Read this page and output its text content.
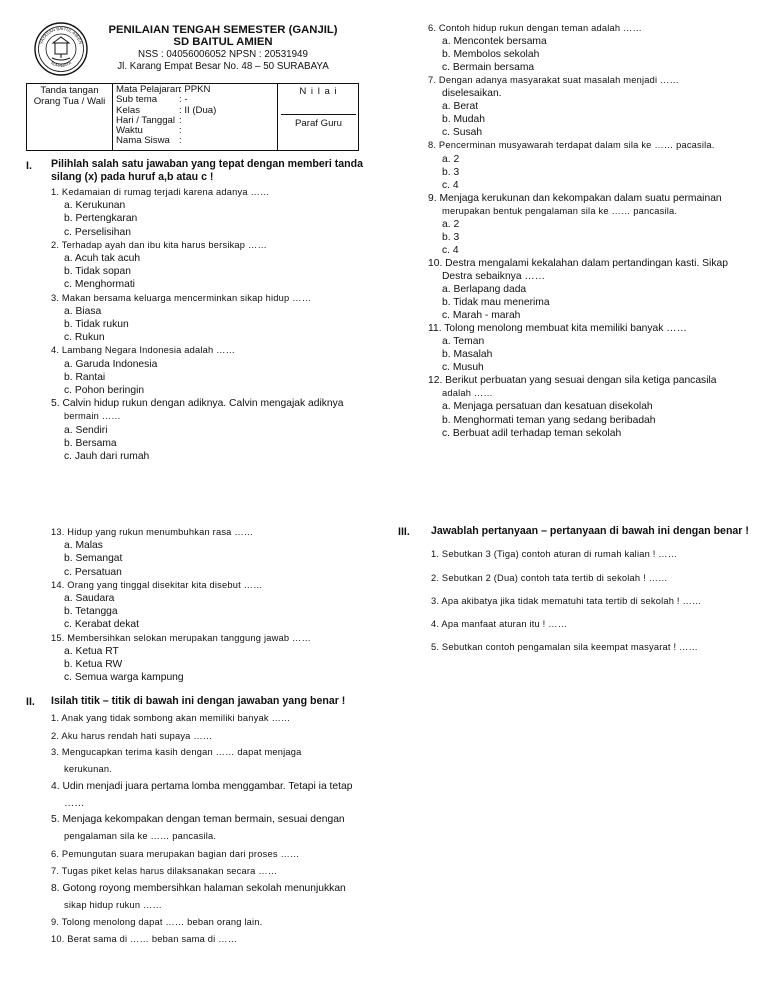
YAYASAN BAITUL AMIEN
SURABAYA
PENILAIAN TENGAH SEMESTER (GANJIL)
SD BAITUL AMIEN
NSS : 04056006052 NPSN : 20531949
Jl. Karang Empat Besar No. 48 – 50 SURABAYA
Tanda tangan
Orang Tua / Wali
Mata Pelajaran
Sub tema
Kelas
Hari / Tanggal
Waktu
Nama Siswa
: PPKN
: -
: II (Dua)
:
:
:
N i l a i
Paraf Guru
I. Pilihlah salah satu jawaban yang tepat dengan memberi tanda
silang (x) pada huruf a,b atau c !
1. Kedamaian di rumag terjadi karena adanya ……
a. Kerukunan
b. Pertengkaran
c. Perselisihan
2. Terhadap ayah dan ibu kita harus bersikap ……
a. Acuh tak acuh
b. Tidak sopan
c. Menghormati
3. Makan bersama keluarga mencerminkan sikap hidup ……
a. Biasa
b. Tidak rukun
c. Rukun
4. Lambang Negara Indonesia adalah ……
a. Garuda Indonesia
b. Rantai
c. Pohon beringin
5. Calvin hidup rukun dengan adiknya. Calvin mengajak adiknya
bermain ……
a. Sendiri
b. Bersama
c. Jauh dari rumah
6. Contoh hidup rukun dengan teman adalah ……
a. Mencontek bersama
b. Membolos sekolah
c. Bermain bersama
7. Dengan adanya masyarakat suat masalah menjadi ……
diselesaikan.
a. Berat
b. Mudah
c. Susah
8. Pencerminan musyawarah terdapat dalam sila ke …… pacasila.
a. 2
b. 3
c. 4
9. Menjaga kerukunan dan kekompakan dalam suatu permainan
merupakan bentuk pengalaman sila ke …… pancasila.
a. 2
b. 3
c. 4
10. Destra mengalami kekalahan dalam pertandingan kasti. Sikap
Destra sebaiknya ……
a. Berlapang dada
b. Tidak mau menerima
c. Marah - marah
11. Tolong menolong membuat kita memiliki banyak ……
a. Teman
b. Masalah
c. Musuh
12. Berikut perbuatan yang sesuai dengan sila ketiga pancasila
adalah ……
a. Menjaga persatuan dan kesatuan disekolah
b. Menghormati teman yang sedang beribadah
c. Berbuat adil terhadap teman sekolah
13. Hidup yang rukun menumbuhkan rasa ……
a. Malas
b. Semangat
c. Persatuan
14. Orang yang tinggal disekitar kita disebut ……
a. Saudara
b. Tetangga
c. Kerabat dekat
15. Membersihkan selokan merupakan tanggung jawab ……
a. Ketua RT
b. Ketua RW
c. Semua warga kampung
II. Isilah titik – titik di bawah ini dengan jawaban yang benar !
1. Anak yang tidak sombong akan memiliki banyak ……
2. Aku harus rendah hati supaya ……
3. Mengucapkan terima kasih dengan …… dapat menjaga
kerukunan.
4. Udin menjadi juara pertama lomba menggambar. Tetapi ia tetap
……
5. Menjaga kekompakan dengan teman bermain, sesuai dengan
pengalaman sila ke …… pancasila.
6. Pemungutan suara merupakan bagian dari proses ……
7. Tugas piket kelas harus dilaksanakan secara ……
8. Gotong royong membersihkan halaman sekolah menunjukkan
sikap hidup rukun ……
9. Tolong menolong dapat …… beban orang lain.
10. Berat sama di …… beban sama di ……
III. Jawablah pertanyaan – pertanyaan di bawah ini dengan benar !
1. Sebutkan 3 (Tiga) contoh aturan di rumah kalian ! ……
2. Sebutkan 2 (Dua) contoh tata tertib di sekolah ! ……
3. Apa akibatya jika tidak mematuhi tata tertib di sekolah ! ……
4. Apa manfaat aturan itu ! ……
5. Sebutkan contoh pengamalan sila keempat masyarat ! ……
